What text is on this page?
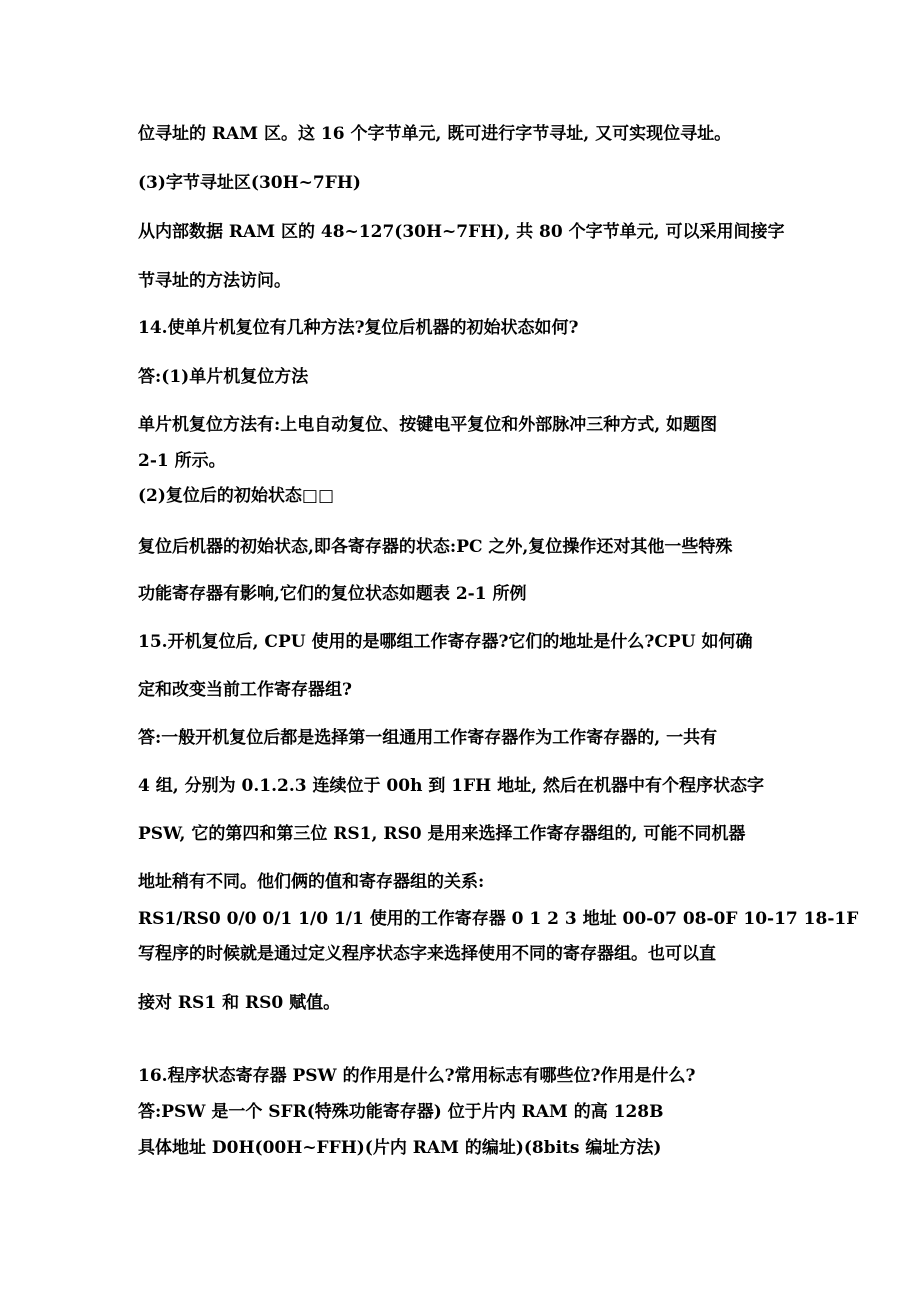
位寻址的 RAM 区。这 16 个字节单元, 既可进行字节寻址, 又可实现位寻址。
(3)字节寻址区(30H~7FH)
从内部数据 RAM 区的 48~127(30H~7FH), 共 80 个字节单元, 可以采用间接字
节寻址的方法访问。
14.使单片机复位有几种方法?复位后机器的初始状态如何?
答:(1)单片机复位方法
单片机复位方法有:上电自动复位、按键电平复位和外部脉冲三种方式, 如题图
2-1 所示。
(2)复位后的初始状态□□
复位后机器的初始状态,即各寄存器的状态:PC 之外,复位操作还对其他一些特殊
功能寄存器有影响,它们的复位状态如题表 2-1 所例
15.开机复位后, CPU 使用的是哪组工作寄存器?它们的地址是什么?CPU 如何确
定和改变当前工作寄存器组?
答:一般开机复位后都是选择第一组通用工作寄存器作为工作寄存器的, 一共有
4 组, 分别为 0.1.2.3 连续位于 00h 到 1FH 地址, 然后在机器中有个程序状态字
PSW, 它的第四和第三位 RS1, RS0 是用来选择工作寄存器组的, 可能不同机器
地址稍有不同。他们俩的值和寄存器组的关系:
RS1/RS0 0/0 0/1 1/0 1/1 使用的工作寄存器 0 1 2 3 地址 00-07 08-0F 10-17 18-1F
写程序的时候就是通过定义程序状态字来选择使用不同的寄存器组。也可以直
接对 RS1 和 RS0 赋值。
16.程序状态寄存器 PSW 的作用是什么?常用标志有哪些位?作用是什么?
答:PSW 是一个 SFR(特殊功能寄存器) 位于片内 RAM 的高 128B
具体地址 D0H(00H~FFH)(片内 RAM 的编址)(8bits 编址方法)
